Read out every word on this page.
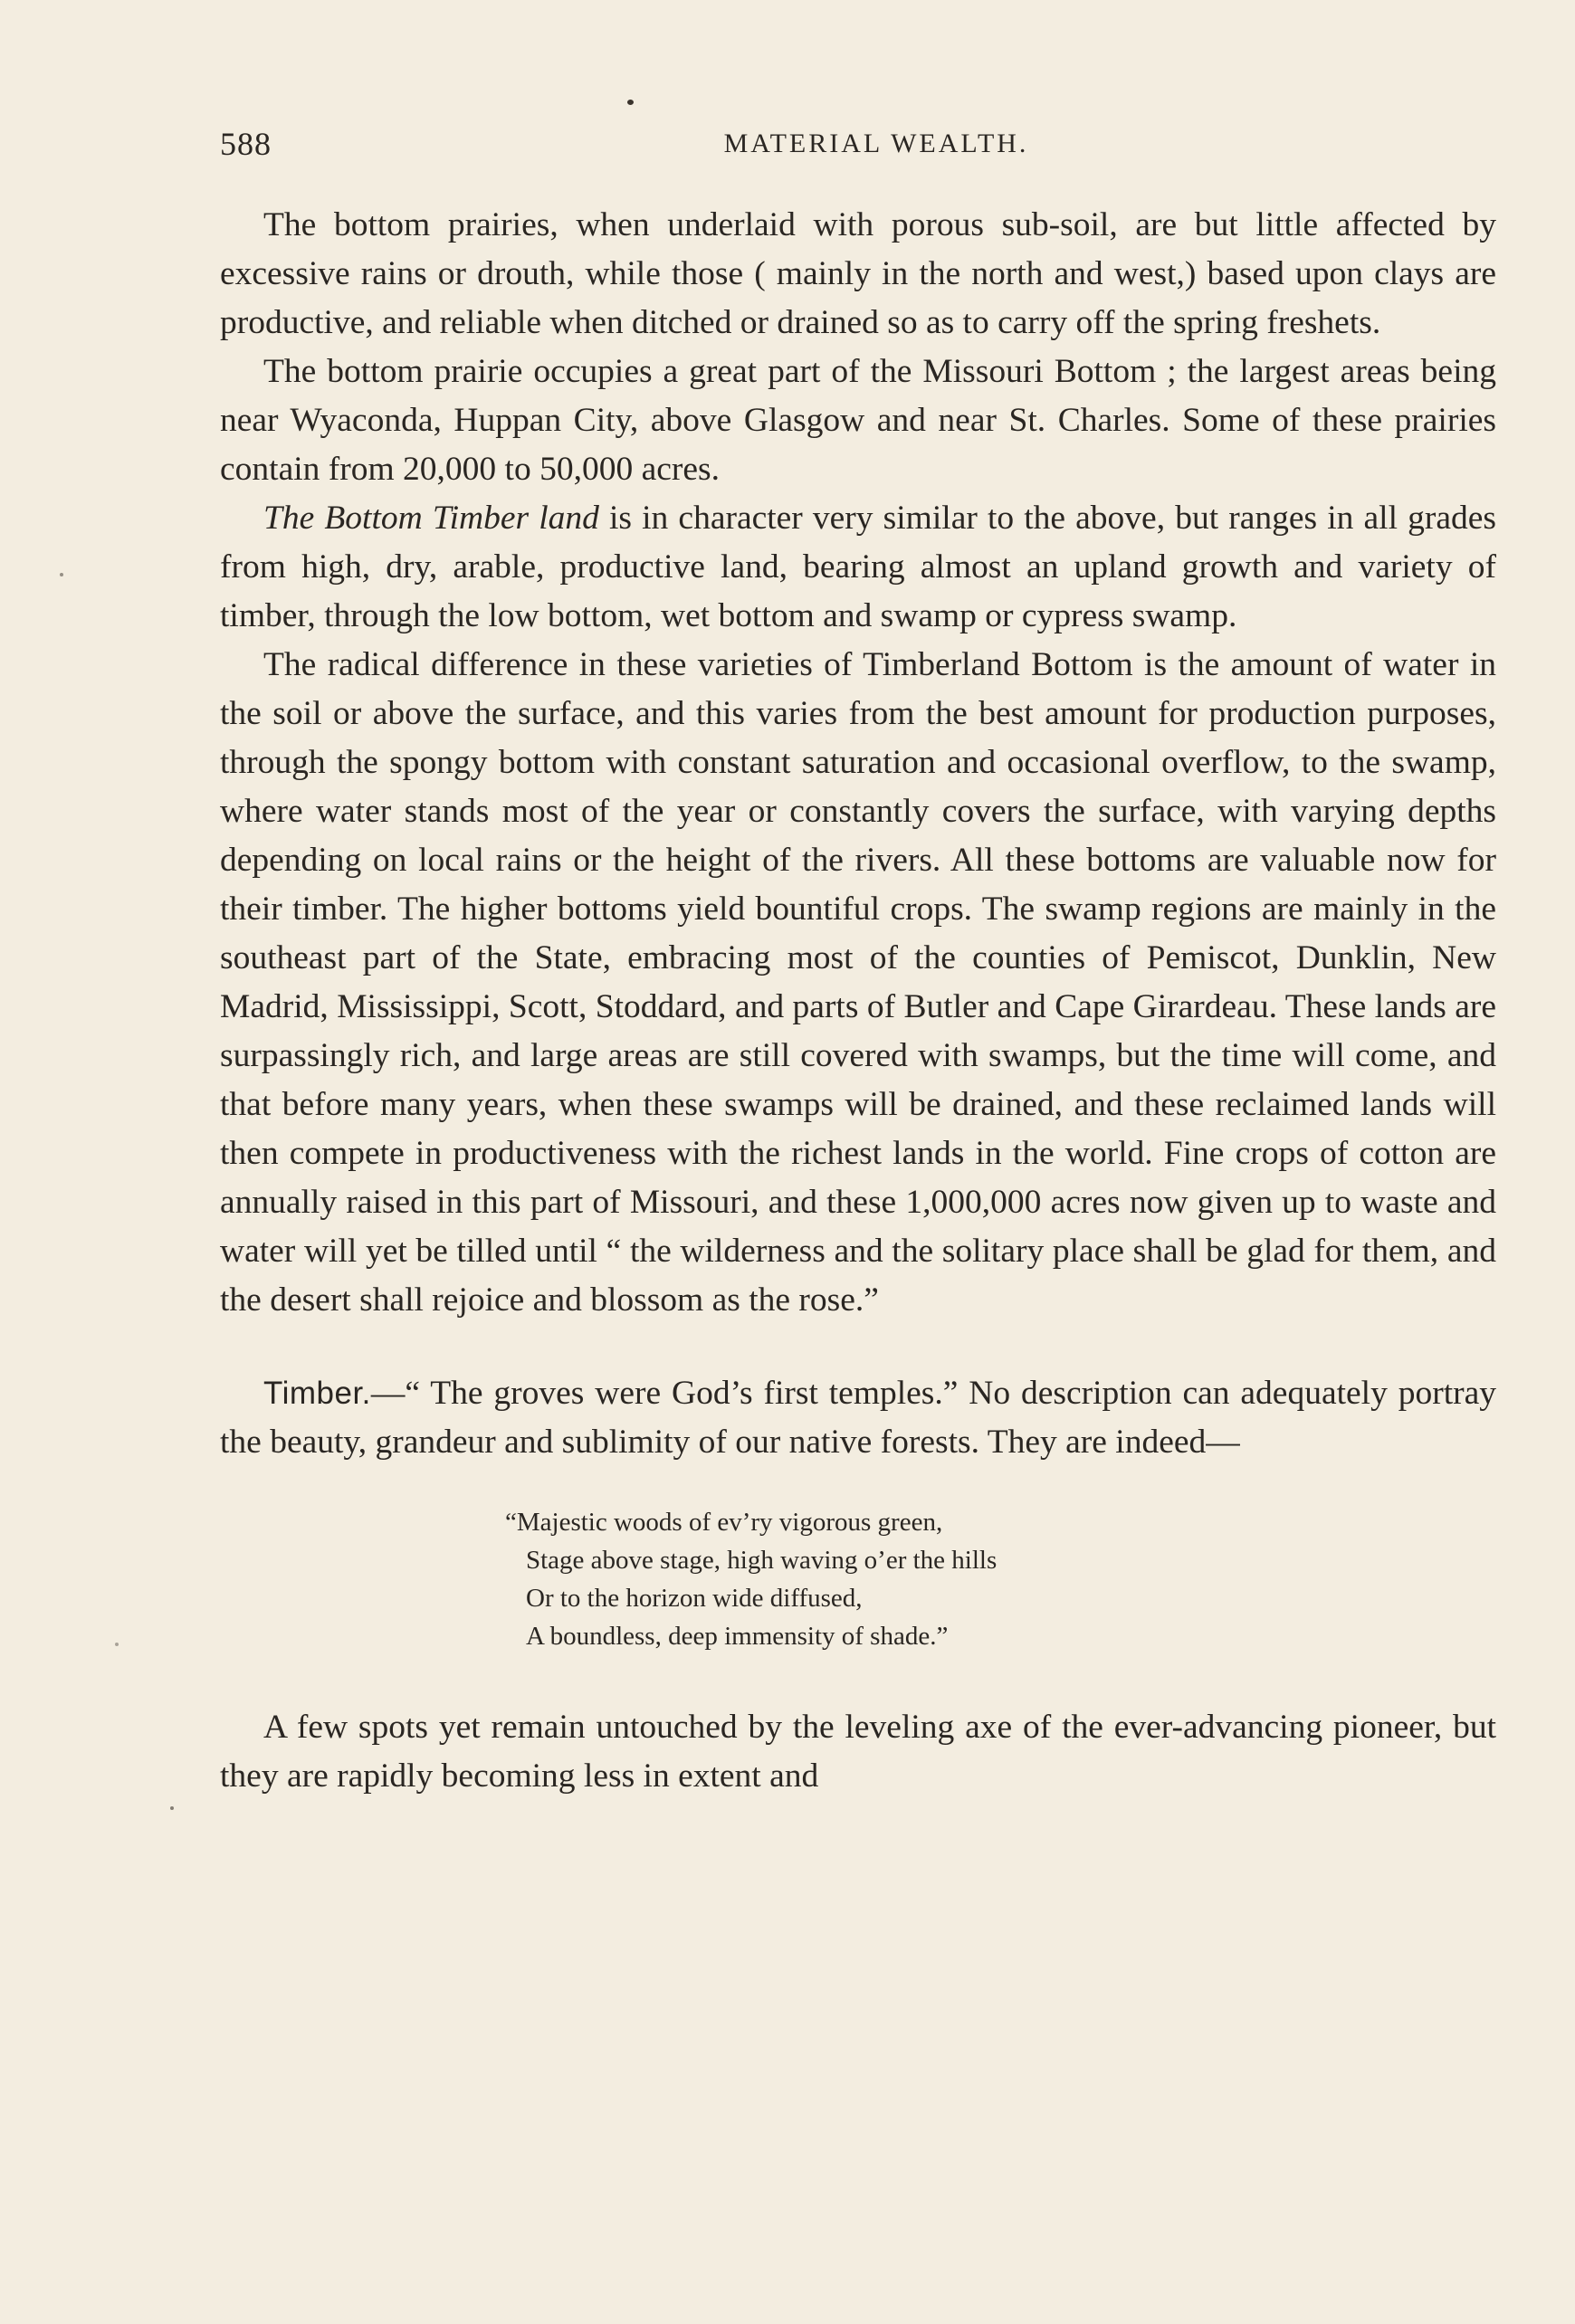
588	MATERIAL WEALTH.

The bottom prairies, when underlaid with porous sub-soil, are but little affected by excessive rains or drouth, while those ( mainly in the north and west,) based upon clays are productive, and reliable when ditched or drained so as to carry off the spring freshets.

The bottom prairie occupies a great part of the Missouri Bottom ; the largest areas being near Wyaconda, Huppan City, above Glasgow and near St. Charles. Some of these prairies contain from 20,000 to 50,000 acres.

The Bottom Timber land is in character very similar to the above, but ranges in all grades from high, dry, arable, productive land, bearing almost an upland growth and variety of timber, through the low bottom, wet bottom and swamp or cypress swamp.

The radical difference in these varieties of Timberland Bottom is the amount of water in the soil or above the surface, and this varies from the best amount for production purposes, through the spongy bottom with constant saturation and occasional overflow, to the swamp, where water stands most of the year or constantly covers the surface, with varying depths depending on local rains or the height of the rivers. All these bottoms are valuable now for their timber. The higher bottoms yield bountiful crops. The swamp regions are mainly in the southeast part of the State, embracing most of the counties of Pemiscot, Dunklin, New Madrid, Mississippi, Scott, Stoddard, and parts of Butler and Cape Girardeau. These lands are surpassingly rich, and large areas are still covered with swamps, but the time will come, and that before many years, when these swamps will be drained, and these reclaimed lands will then compete in productiveness with the richest lands in the world. Fine crops of cotton are annually raised in this part of Missouri, and these 1,000,000 acres now given up to waste and water will yet be tilled until “ the wilderness and the solitary place shall be glad for them, and the desert shall rejoice and blossom as the rose.”

Timber.—“ The groves were God’s first temples.” No description can adequately portray the beauty, grandeur and sublimity of our native forests. They are indeed—

“Majestic woods of ev’ry vigorous green,
Stage above stage, high waving o’er the hills
Or to the horizon wide diffused,
A boundless, deep immensity of shade.”

A few spots yet remain untouched by the leveling axe of the ever-advancing pioneer, but they are rapidly becoming less in extent and
